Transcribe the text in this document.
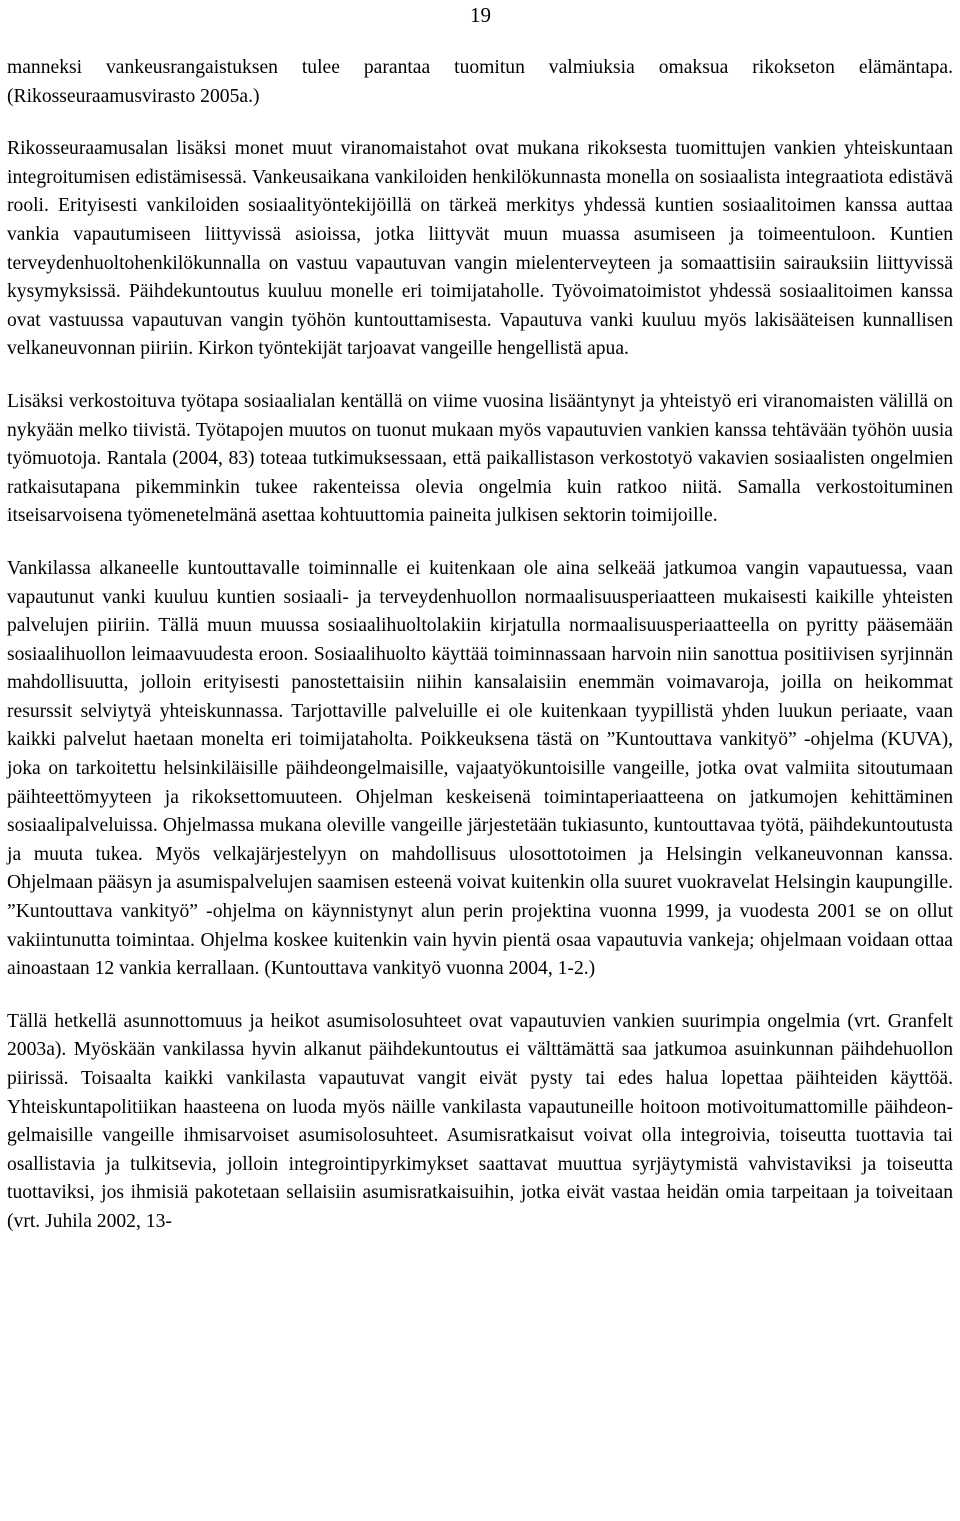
19

manneksi vankeusrangaistuksen tulee parantaa tuomitun valmiuksia omaksua rikokseton elämäntapa. (Rikosseuraamusvirasto 2005a.)

Rikosseuraamusalan lisäksi monet muut viranomaistahot ovat mukana rikoksesta tuomittujen vankien yhteiskuntaan integroitumisen edistämisessä. Vankeusaikana vankiloiden henkilökunnasta monella on sosiaalista integraatiota edistävä rooli. Erityisesti vankiloiden sosiaalityöntekijöillä on tärkeä merkitys yhdessä kuntien sosiaalitoimen kanssa auttaa vankia vapautumiseen liittyvissä asioissa, jotka liittyvät muun muassa asumiseen ja toimeentuloon. Kuntien terveydenhuoltohenkilökunnalla on vastuu vapautuvan vangin mielenterveyteen ja somaattisiin sairauksiin liittyvissä kysymyksissä. Päihdekuntoutus kuuluu monelle eri toimijataholle. Työvoimatoimistot yhdessä sosiaalitoimen kanssa ovat vastuussa vapautuvan vangin työhön kuntouttamisesta. Vapautuva vanki kuuluu myös lakisääteisen kunnallisen velkaneuvonnan piiriin. Kirkon työntekijät tarjoavat vangeille hengellistä apua.

Lisäksi verkostoituva työtapa sosiaalialan kentällä on viime vuosina lisääntynyt ja yhteistyö eri viranomaisten välillä on nykyään melko tiivistä. Työtapojen muutos on tuonut mukaan myös vapautuvien vankien kanssa tehtävään työhön uusia työmuotoja. Rantala (2004, 83) toteaa tutkimuksessaan, että paikallistason verkostotyö vakavien sosiaalisten ongelmien ratkaisutapana pikemminkin tukee rakenteissa olevia ongelmia kuin ratkoo niitä. Samalla verkostoituminen itseisarvoisena työmenetelmänä asettaa kohtuuttomia paineita julkisen sektorin toimijoille.

Vankilassa alkaneelle kuntouttavalle toiminnalle ei kuitenkaan ole aina selkeää jatkumoa vangin vapautuessa, vaan vapautunut vanki kuuluu kuntien sosiaali- ja terveydenhuollon normaalisuusperiaatteen mukaisesti kaikille yhteisten palvelujen piiriin. Tällä muun muussa sosiaalihuoltolakiin kirjatulla normaalisuusperiaatteella on pyritty pääsemään sosiaalihuollon leimaavuudesta eroon. Sosiaalihuolto käyttää toiminnassaan harvoin niin sanottua positiivisen syrjinnän mahdollisuutta, jolloin erityisesti panostettaisiin niihin kansalaisiin enemmän voimavaroja, joilla on heikommat resurssit selviytyä yhteiskunnassa. Tarjottaville palveluille ei ole kuitenkaan tyypillistä yhden luukun periaate, vaan kaikki palvelut haetaan monelta eri toimijataholta. Poikkeuksena tästä on ”Kuntouttava vankityö” -ohjelma (KUVA), joka on tarkoitettu helsinkiläisille päihdeongelmaisille, vajaatyökuntoisille vangeille, jotka ovat valmiita sitoutumaan päihteettömyyteen ja rikoksettomuuteen. Ohjelman keskeisenä toimintaperiaatteena on jatkumojen kehittäminen sosiaalipalveluissa. Ohjelmassa mukana oleville vangeille järjestetään tukiasunto, kuntouttavaa työtä, päihdekuntoutusta ja muuta tukea. Myös velkajärjestelyyn on mahdollisuus ulosottotoimen ja Helsingin velkaneuvonnan kanssa. Ohjelmaan pääsyn ja asumispalvelujen saamisen esteenä voivat kuitenkin olla suuret vuokravelat Helsingin kaupungille. ”Kuntouttava vankityö” -ohjelma on käynnistynyt alun perin projektina vuonna 1999, ja vuodesta 2001 se on ollut vakiintunutta toimintaa. Ohjelma koskee kuitenkin vain hyvin pientä osaa vapautuvia vankeja; ohjelmaan voidaan ottaa ainoastaan 12 vankia kerrallaan. (Kuntouttava vankityö vuonna 2004, 1-2.)

Tällä hetkellä asunnottomuus ja heikot asumisolosuhteet ovat vapautuvien vankien suurimpia ongelmia (vrt. Granfelt 2003a). Myöskään vankilassa hyvin alkanut päihdekuntoutus ei välttämättä saa jatkumoa asuinkunnan päihdehuollon piirissä. Toisaalta kaikki vankilasta vapautuvat vangit eivät pysty tai edes halua lopettaa päihteiden käyttöä. Yhteiskuntapolitiikan haasteena on luoda myös näille vankilasta vapautuneille hoitoon motivoitumattomille päihdeongelmaisille vangeille ihmisarvoiset asumisolosuhteet. Asumisratkaisut voivat olla integroivia, toiseutta tuottavia tai osallistavia ja tulkitsevia, jolloin integrointipyrkimykset saattavat muuttua syrjäytymistä vahvistaviksi ja toiseutta tuottaviksi, jos ihmisiä pakotetaan sellaisiin asumisratkaisuihin, jotka eivät vastaa heidän omia tarpeitaan ja toiveitaan (vrt. Juhila 2002, 13-
